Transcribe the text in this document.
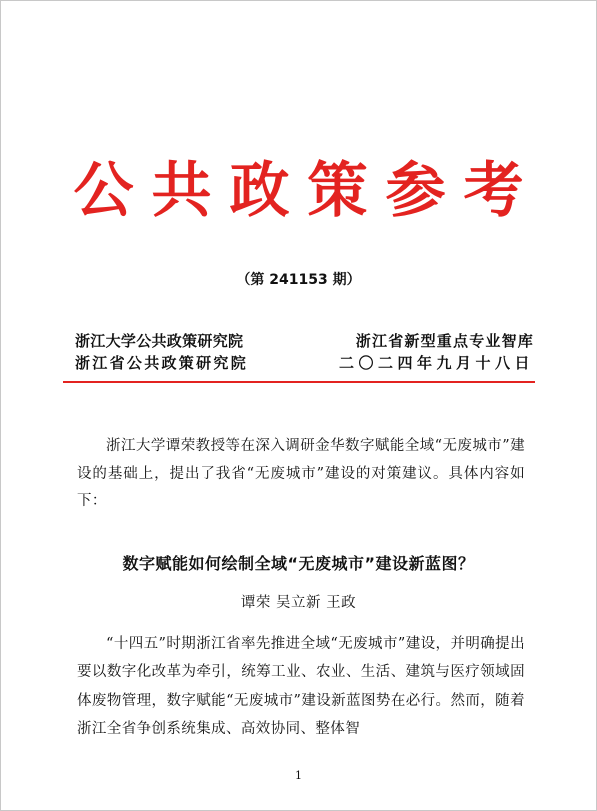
公共政策参考
（第 241153 期）
浙江大学公共政策研究院	浙江省新型重点专业智库
浙江省公共政策研究院	二〇二四年九月十八日

浙江大学谭荣教授等在深入调研金华数字赋能全域“无废城市”建设的基础上，提出了我省“无废城市”建设的对策建议。具体内容如下：

数字赋能如何绘制全域“无废城市”建设新蓝图？
谭荣 吴立新 王政

“十四五”时期浙江省率先推进全域“无废城市”建设，并明确提出要以数字化改革为牵引，统筹工业、农业、生活、建筑与医疗领域固体废物管理，数字赋能“无废城市”建设新蓝图势在必行。然而，随着浙江全省争创系统集成、高效协同、整体智

1
